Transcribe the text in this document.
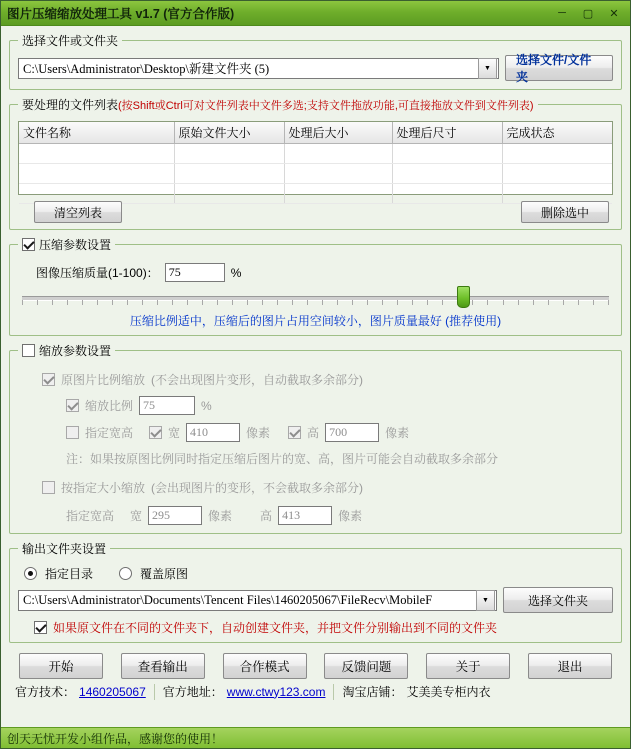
图片压缩缩放处理工具 v1.7 (官方合作版)	─	▢	✕
选择文件或文件夹
C:\Users\Administrator\Desktop\新建文件夹 (5)	▼
选择文件/文件夹
要处理的文件列表(按Shift或Ctrl可对文件列表中文件多选;支持文件拖放功能,可直接拖放文件到文件列表)
文件名称	原始文件大小	处理后大小	处理后尺寸	完成状态

清空列表	删除选中
压缩参数设置
图像压缩质量(1-100)：
75	%
压缩比例适中，压缩后的图片占用空间较小，图片质量最好 (推荐使用)
缩放参数设置
原图片比例缩放 (不会出现图片变形，自动截取多余部分)
缩放比例
75	%
指定宽高	宽
410	像素	高
700	像素
注：如果按原图比例同时指定压缩后图片的宽、高，图片可能会自动截取多余部分
按指定大小缩放 (会出现图片的变形，不会截取多余部分)
指定宽高 宽
295	像素 高
413	像素
输出文件夹设置
指定目录	覆盖原图
C:\Users\Administrator\Documents\Tencent Files\1460205067\FileRecv\MobileF	▼	选择文件夹
如果原文件在不同的文件夹下，自动创建文件夹，并把文件分别输出到不同的文件夹
开始	查看输出	合作模式	反馈问题	关于	退出
官方技术： 1460205067 官方地址： www.ctwy123.com 淘宝店铺： 艾美美专柜内衣
创天无忧开发小组作品，感谢您的使用！
